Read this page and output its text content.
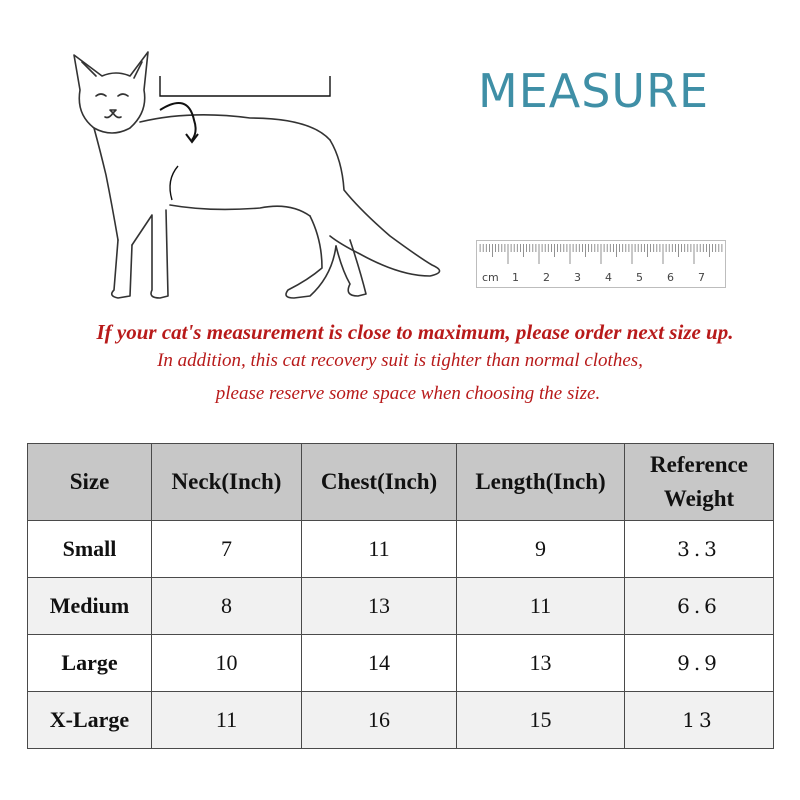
MEASURE
cm 1 2 3 4 5 6 7
If your cat's measurement is close to maximum, please order next size up.
In addition, this cat recovery suit is tighter than normal clothes,
please reserve some space when choosing the size.
Size	Neck(Inch)	Chest(Inch)	Length(Inch)	Reference Weight
Small	7	11	9	3.3
Medium	8	13	11	6.6
Large	10	14	13	9.9
X-Large	11	16	15	13
